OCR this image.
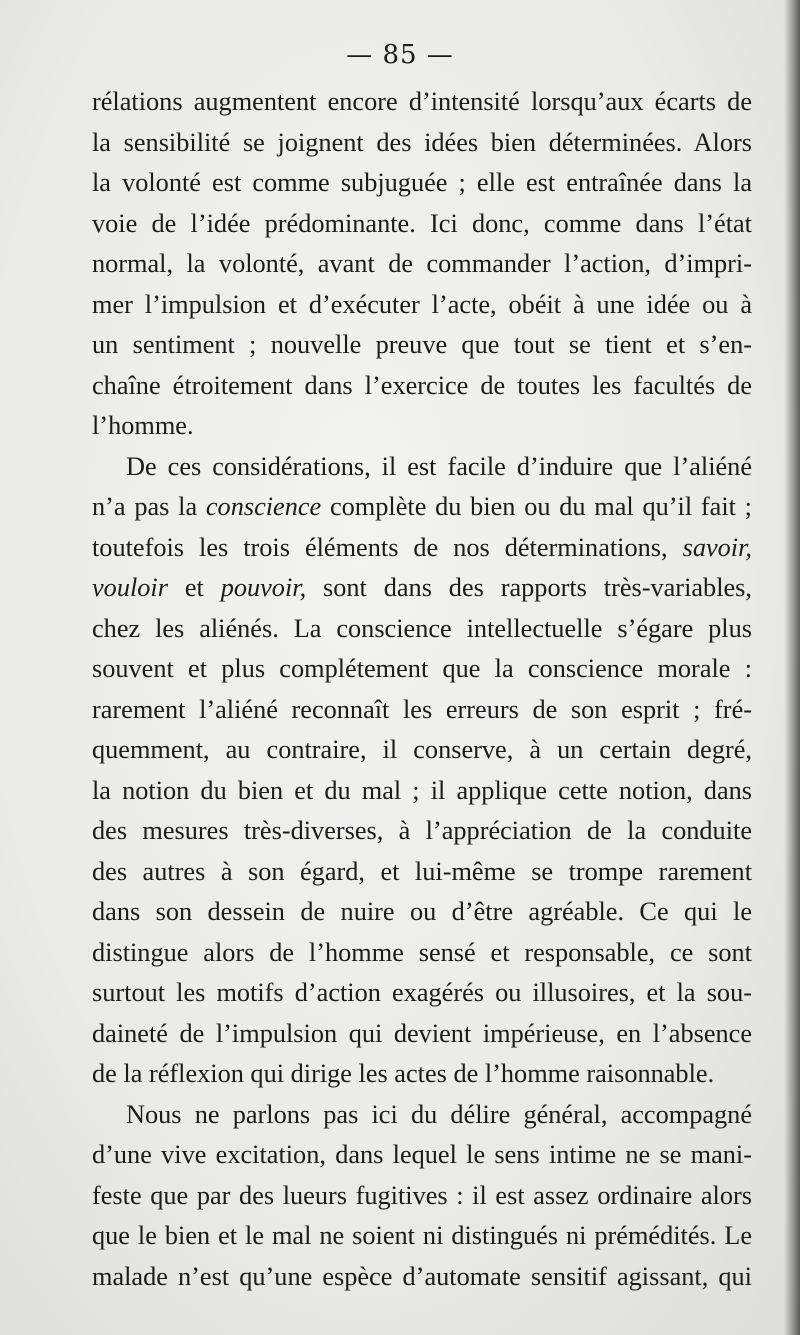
— 85 —
rélations augmentent encore d’intensité lorsqu’aux écarts de
la sensibilité se joignent des idées bien déterminées. Alors
la volonté est comme subjuguée ; elle est entraînée dans la
voie de l’idée prédominante. Ici donc, comme dans l’état
normal, la volonté, avant de commander l’action, d’impri-
mer l’impulsion et d’exécuter l’acte, obéit à une idée ou à
un sentiment ; nouvelle preuve que tout se tient et s’en-
chaîne étroitement dans l’exercice de toutes les facultés de
l’homme.
De ces considérations, il est facile d’induire que l’aliéné
n’a pas la conscience complète du bien ou du mal qu’il fait ;
toutefois les trois éléments de nos déterminations, savoir,
vouloir et pouvoir, sont dans des rapports très-variables,
chez les aliénés. La conscience intellectuelle s’égare plus
souvent et plus complétement que la conscience morale :
rarement l’aliéné reconnaît les erreurs de son esprit ; fré-
quemment, au contraire, il conserve, à un certain degré,
la notion du bien et du mal ; il applique cette notion, dans
des mesures très-diverses, à l’appréciation de la conduite
des autres à son égard, et lui-même se trompe rarement
dans son dessein de nuire ou d’être agréable. Ce qui le
distingue alors de l’homme sensé et responsable, ce sont
surtout les motifs d’action exagérés ou illusoires, et la sou-
daineté de l’impulsion qui devient impérieuse, en l’absence
de la réflexion qui dirige les actes de l’homme raisonnable.
Nous ne parlons pas ici du délire général, accompagné
d’une vive excitation, dans lequel le sens intime ne se mani-
feste que par des lueurs fugitives : il est assez ordinaire alors
que le bien et le mal ne soient ni distingués ni prémédités. Le
malade n’est qu’une espèce d’automate sensitif agissant, qui
